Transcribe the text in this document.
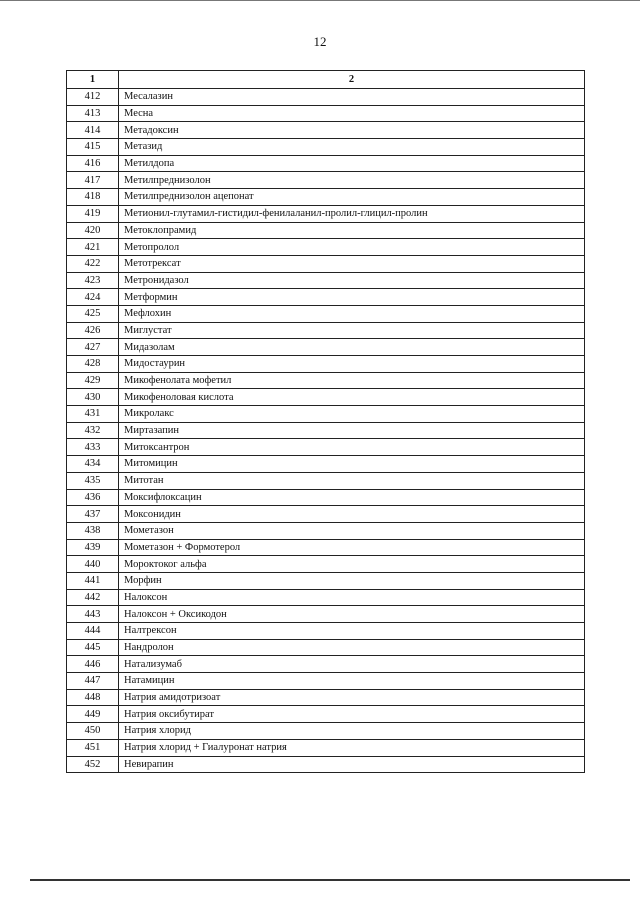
12
1	2
412	Месалазин
413	Месна
414	Метадоксин
415	Метазид
416	Метилдопа
417	Метилпреднизолон
418	Метилпреднизолон ацепонат
419	Метионил-глутамил-гистидил-фенилаланил-пролил-глицил-пролин
420	Метоклопрамид
421	Метопролол
422	Метотрексат
423	Метронидазол
424	Метформин
425	Мефлохин
426	Миглустат
427	Мидазолам
428	Мидостаурин
429	Микофенолата мофетил
430	Микофеноловая кислота
431	Микролакс
432	Миртазапин
433	Митоксантрон
434	Митомицин
435	Митотан
436	Моксифлоксацин
437	Моксонидин
438	Мометазон
439	Мометазон + Формотерол
440	Мороктоког альфа
441	Морфин
442	Налоксон
443	Налоксон + Оксикодон
444	Налтрексон
445	Нандролон
446	Натализумаб
447	Натамицин
448	Натрия амидотризоат
449	Натрия оксибутират
450	Натрия хлорид
451	Натрия хлорид + Гиалуронат натрия
452	Невирапин
